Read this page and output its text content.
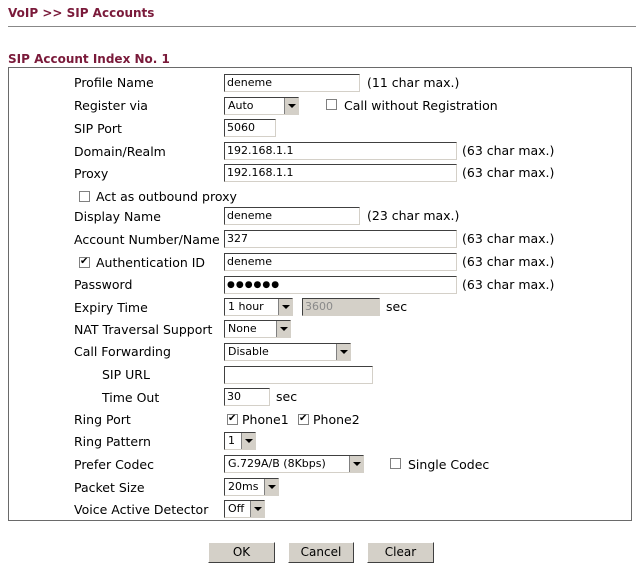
VoIP >> SIP Accounts
SIP Account Index No. 1
Profile Name	deneme	(11 char max.)
Register via	Auto	Call without Registration
SIP Port	5060
Domain/Realm	192.168.1.1	(63 char max.)
Proxy	192.168.1.1	(63 char max.)
Act as outbound proxy
Display Name	deneme	(23 char max.)
Account Number/Name 327	(63 char max.)
✔
Authentication ID deneme	(63 char max.)
Password	●●●●●●	(63 char max.)
Expiry Time	1 hour	3600	sec
NAT Traversal Support	None
Call Forwarding	Disable
SIP URL
Time Out	30	sec
Ring Port ✔	Phone1 ✔ Phone2
Ring Pattern	1
Prefer Codec	G.729A/B (8Kbps)	Single Codec
Packet Size	20ms
Voice Active Detector	Off
OK	Cancel	Clear
